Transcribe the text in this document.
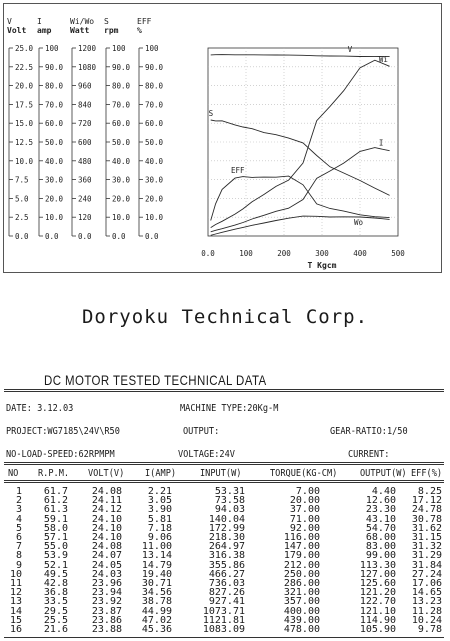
V
Volt
25.0
22.5
20.0
17.5
15.0
12.5
10.0
7.5
5.0
2.5
0.0
I
amp
100
90.0
80.0
70.0
60.0
50.0
40.0
30.0
20.0
10.0
0.0
Wi/Wo
Watt
1200
1080
960
840
720
600
480
360
240
120
0.0
S
rpm
100
90.0
80.0
70.0
60.0
50.0
40.0
30.0
20.0
10.0
0.0
EFF
%
100
90.0
80.0
70.0
60.0
50.0
40.0
30.0
20.0
10.0
0.0
0.0	100	200	300	400	500
T Kgcm
V
Wi
S
I
EFF
Wo
Doryoku Technical Corp.
DC MOTOR TESTED TECHNICAL DATA
DATE: 3.12.03	MACHINE TYPE:20Kg-M
PROJECT:WG7185\24V\R50	OUTPUT:	GEAR-RATIO:1/50
NO-LOAD-SPEED:62RPMPM	VOLTAGE:24V	CURRENT:
NO R.P.M. VOLT(V) I(AMP) INPUT(W)	TORQUE(KG-CM) OUTPUT(W) EFF(%)
1 61.7 24.08	2.21	53.31	7.00	4.40 8.25
2 61.2 24.11	3.05	73.58	20.00	12.60 17.12
3 61.3 24.12	3.90	94.03	37.00	23.30 24.78
4 59.1 24.10	5.81	140.04	71.00	43.10 30.78
5 58.0 24.10	7.18	172.99	92.00	54.70 31.62
6 57.1 24.10	9.06	218.30	116.00	68.00 31.15
7 55.0 24.08 11.00	264.97	147.00	83.00 31.32
8 53.9 24.07 13.14	316.38	179.00	99.00 31.29
9 52.1 24.05 14.79	355.86	212.00	113.30 31.84
10 49.5 24.03 19.40	466.27	250.00	127.00 27.24
11 42.8 23.96 30.71	736.03	286.00	125.60 17.06
12 36.8 23.94 34.56	827.26	321.00	121.20 14.65
13 33.5 23.92 38.78	927.41	357.00	122.70 13.23
14 29.5 23.87 44.99	1073.71	400.00	121.10 11.28
15 25.5 23.86 47.02	1121.81	439.00	114.90 10.24
16 21.6 23.88 45.36	1083.09	478.00	105.90 9.78
